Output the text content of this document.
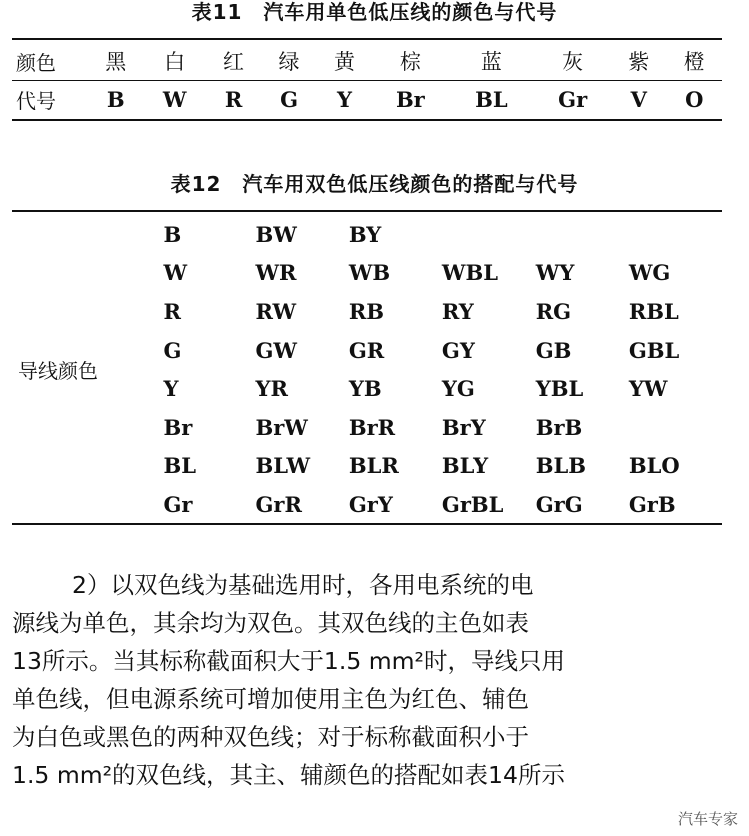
表11　汽车用单色低压线的颜色与代号
颜色	黑	白	红	绿	黄	棕	蓝	灰	紫	橙
代号	B	W	R	G	Y	Br	BL	Gr	V	O
表12　汽车用双色低压线颜色的搭配与代号
导线颜色	B	BW	BY			
	W	WR	WB	WBL	WY	WG
	R	RW	RB	RY	RG	RBL
	G	GW	GR	GY	GB	GBL
	Y	YR	YB	YG	YBL	YW
	Br	BrW	BrR	BrY	BrB	
	BL	BLW	BLR	BLY	BLB	BLO
	Gr	GrR	GrY	GrBL	GrG	GrB

2）以双色线为基础选用时，各用电系统的电

源线为单色，其余均为双色。其双色线的主色如表

13所示。当其标称截面积大于1.5 mm²时，导线只用

单色线，但电源系统可增加使用主色为红色、辅色

为白色或黑色的两种双色线；对于标称截面积小于

1.5 mm²的双色线，其主、辅颜色的搭配如表14所示

汽车专家
